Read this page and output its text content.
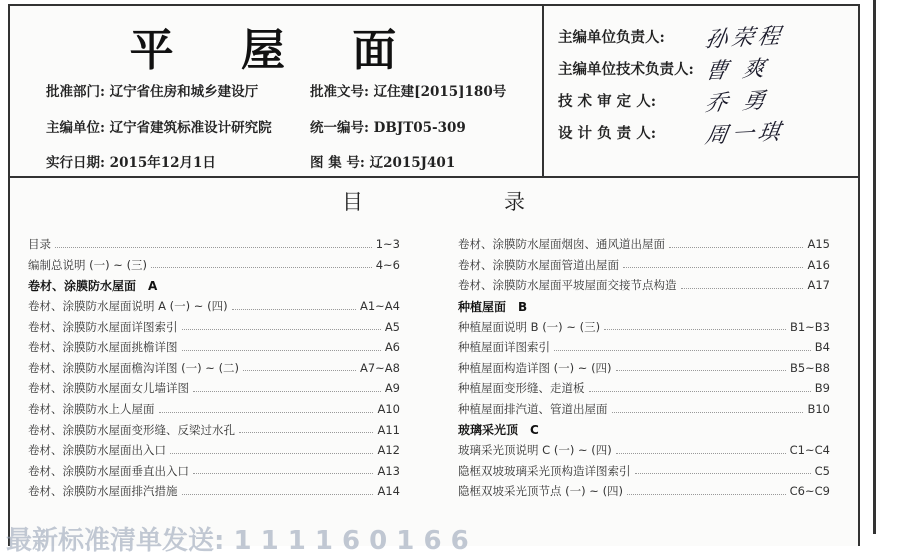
平 屋 面
批准部门: 辽宁省住房和城乡建设厅	批准文号: 辽住建[2015]180号
主编单位: 辽宁省建筑标准设计研究院	统一编号: DBJT05-309
实行日期: 2015年12月1日	图 集 号: 辽2015J401
主编单位负责人:	孙荣程
主编单位技术负责人: 曹 爽
技 术 审 定 人:	乔 勇
设 计 负 责 人:	周一琪
目	录
目录	1~3
编制总说明 (一) ~ (三)	4~6
卷材、涂膜防水屋面　A
卷材、涂膜防水屋面说明 A (一) ~ (四)	A1~A4
卷材、涂膜防水屋面详图索引	A5
卷材、涂膜防水屋面挑檐详图	A6
卷材、涂膜防水屋面檐沟详图 (一) ~ (二)	A7~A8
卷材、涂膜防水屋面女儿墙详图	A9
卷材、涂膜防水上人屋面	A10
卷材、涂膜防水屋面变形缝、反梁过水孔	A11
卷材、涂膜防水屋面出入口	A12
卷材、涂膜防水屋面垂直出入口	A13
卷材、涂膜防水屋面排汽措施	A14
卷材、涂膜防水屋面烟囱、通风道出屋面	A15
卷材、涂膜防水屋面管道出屋面	A16
卷材、涂膜防水屋面平坡屋面交接节点构造	A17
种植屋面　B
种植屋面说明 B (一) ~ (三)	B1~B3
种植屋面详图索引	B4
种植屋面构造详图 (一) ~ (四)	B5~B8
种植屋面变形缝、走道板	B9
种植屋面排汽道、管道出屋面	B10
玻璃采光顶　C
玻璃采光顶说明 C (一) ~ (四)	C1~C4
隐框双坡玻璃采光顶构造详图索引	C5
隐框双坡采光顶节点 (一) ~ (四)	C6~C9
最新标准清单发送: 1 1 1 1 6 0 1 6 6
